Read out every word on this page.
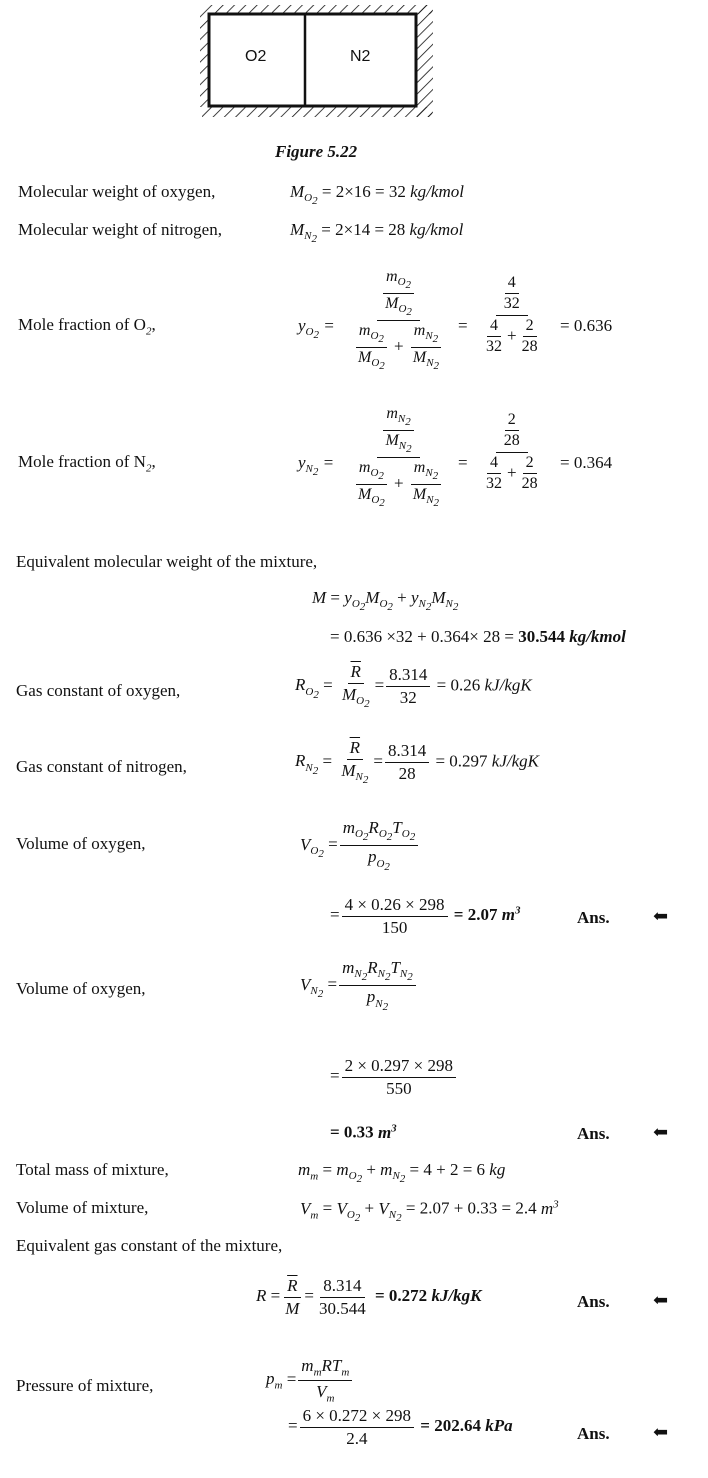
O2	N2
Figure 5.22
Molecular weight of oxygen,	$M_{O_2} = 2\times 16 = 32$ kg/kmol
Molecular weight of nitrogen,	$M_{N_2} = 2\times 14 = 28$ kg/kmol
Mole fraction of $O_2$,	$y_{O_2} = \frac{\frac{m_{O_2}}{M_{O_2}}}{\frac{m_{O_2}}{M_{O_2}} + \frac{m_{N_2}}{M_{N_2}}} = \frac{\frac{4}{32}}{\frac{4}{32} + \frac{2}{28}} = 0.636$
Mole fraction of $N_2$,	$y_{N_2} = \frac{\frac{m_{N_2}}{M_{N_2}}}{\frac{m_{O_2}}{M_{O_2}} + \frac{m_{N_2}}{M_{N_2}}} = \frac{\frac{2}{28}}{\frac{4}{32} + \frac{2}{28}} = 0.364$
Equivalent molecular weight of the mixture,
$M = y_{O_2}M_{O_2} + y_{N_2}M_{N_2}$
= 0.636 ×32 + 0.364× 28 = 30.544 kg/kmol
Gas constant of oxygen,	$R_{O_2} = \frac{\overline{R}}{M_{O_2}} = \frac{8.314}{32} = 0.26$ kJ/kgK
Gas constant of nitrogen,	$R_{N_2} = \frac{\overline{R}}{M_{N_2}} = \frac{8.314}{28} = 0.297$ kJ/kgK
Volume of oxygen,	$V_{O_2} = \frac{m_{O_2}R_{O_2}T_{O_2}}{p_{O_2}}$
= $\frac{4 \times 0.26 \times 298}{150} = 2.07$ $m^3$	Ans. ⬅
Volume of oxygen,	$V_{N_2} = \frac{m_{N_2}R_{N_2}T_{N_2}}{p_{N_2}}$
= $\frac{2 \times 0.297 \times 298}{550}$
= 0.33 $m^3$	Ans. ⬅
Total mass of mixture,	$m_m = m_{O_2} + m_{N_2} = 4 + 2 = 6$ kg
Volume of mixture,	$V_m = V_{O_2} + V_{N_2} = 2.07 + 0.33 = 2.4$ $m^3$
Equivalent gas constant of the mixture,
$R = \frac{\overline{R}}{M} = \frac{8.314}{30.544} = 0.272$ kJ/kgK	Ans. ⬅
Pressure of mixture,	$p_m = \frac{m_mRT_m}{V_m}$
= $\frac{6 \times 0.272 \times 298}{2.4} = 202.64$ kPa	Ans. ⬅
